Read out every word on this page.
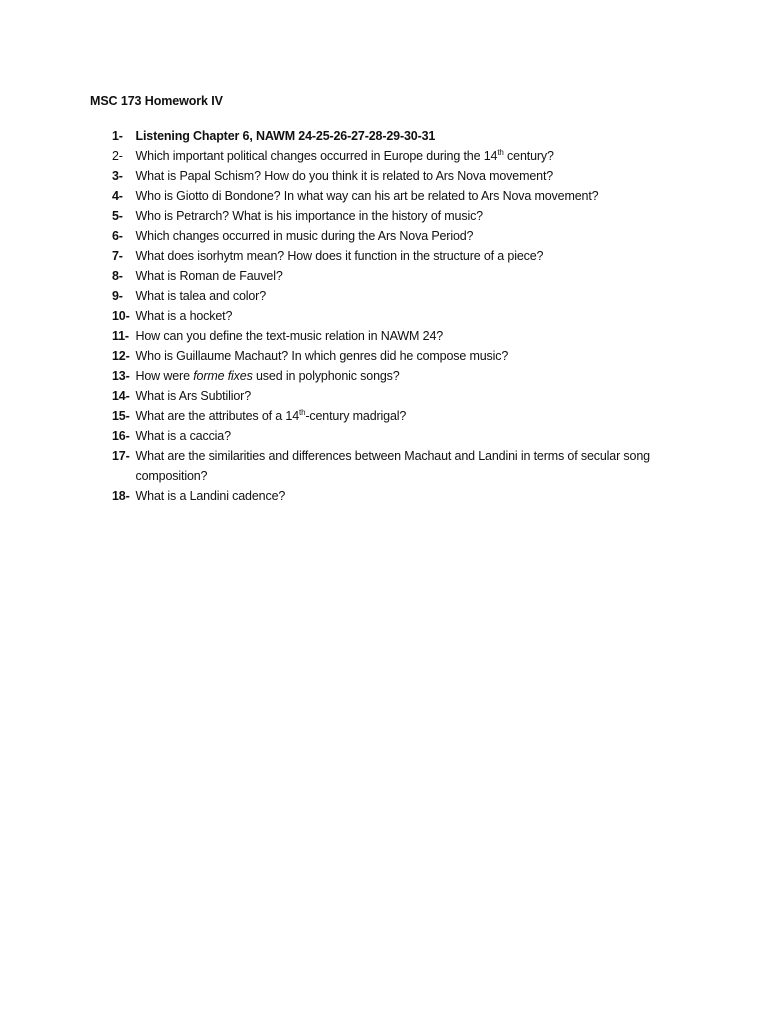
MSC 173 Homework IV
1-	Listening Chapter 6, NAWM 24-25-26-27-28-29-30-31
2-	Which important political changes occurred in Europe during the 14th century?
3-	What is Papal Schism? How do you think it is related to Ars Nova movement?
4-	Who is Giotto di Bondone? In what way can his art be related to Ars Nova movement?
5-	Who is Petrarch? What is his importance in the history of music?
6-	Which changes occurred in music during the Ars Nova Period?
7-	What does isorhytm mean? How does it function in the structure of a piece?
8-	What is Roman de Fauvel?
9-	What is talea and color?
10- What is a hocket?
11- How can you define the text-music relation in NAWM 24?
12- Who is Guillaume Machaut? In which genres did he compose music?
13- How were forme fixes used in polyphonic songs?
14- What is Ars Subtilior?
15- What are the attributes of a 14th-century madrigal?
16- What is a caccia?
17- What are the similarities and differences between Machaut and Landini in terms of secular song composition?
18- What is a Landini cadence?
